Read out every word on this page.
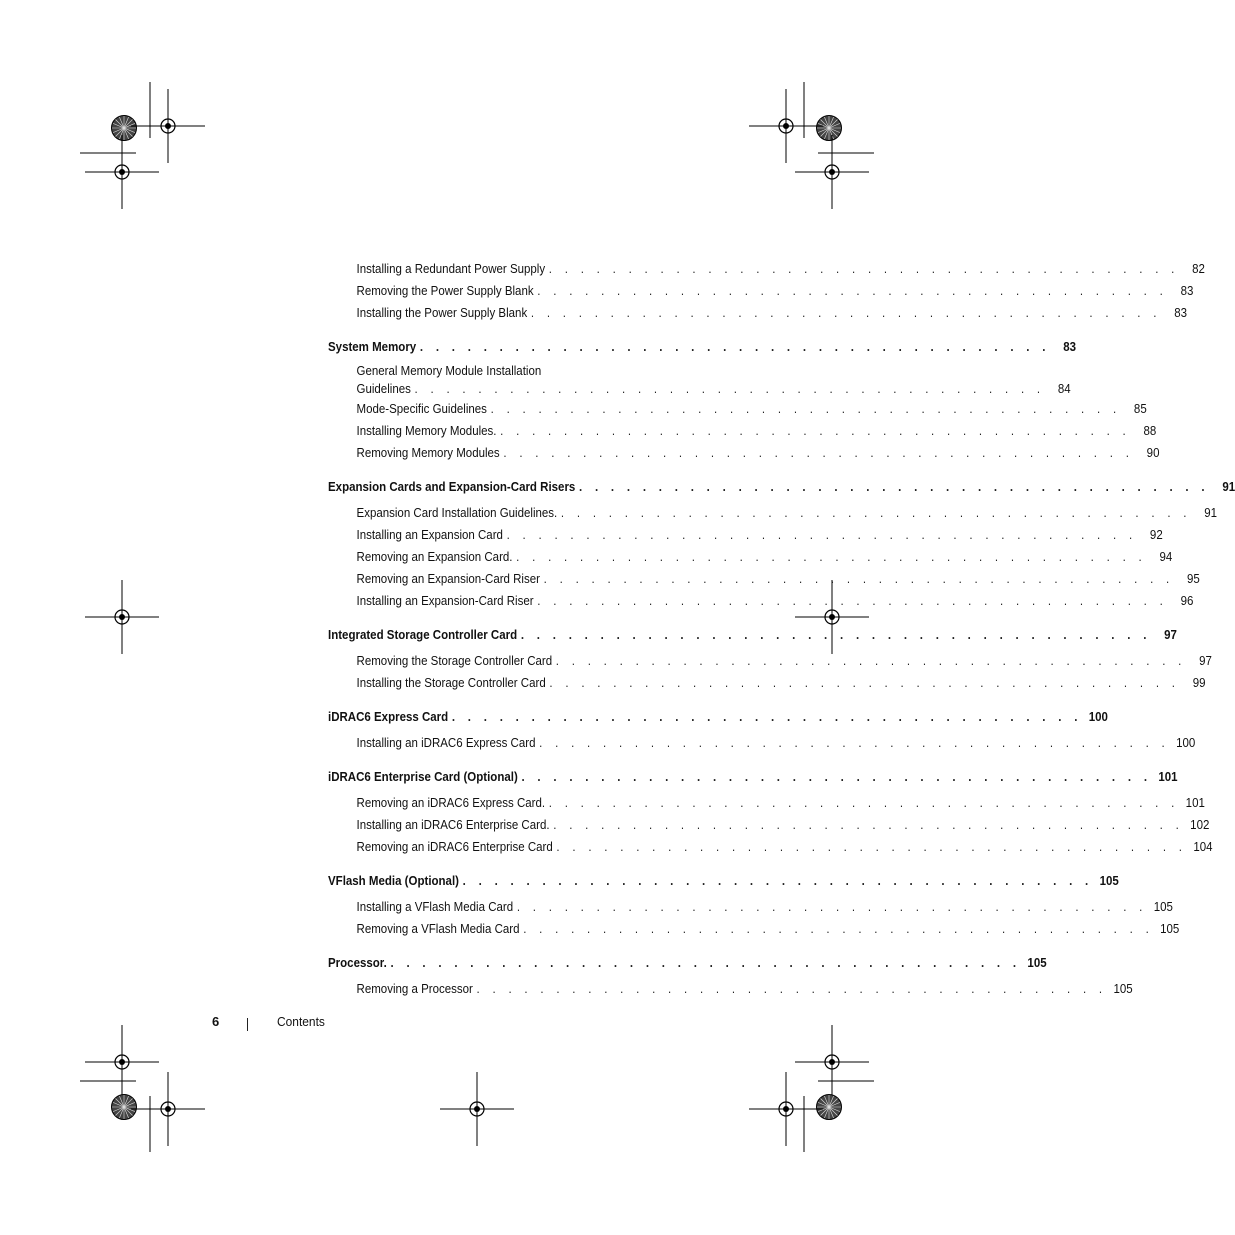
Installing a Redundant Power Supply . . . . . . . . . . . . . . . . . . . . . . . . . . . . . . . . . . . . . . . .	82
Removing the Power Supply Blank . . . . . . . . . . . . . . . . . . . . . . . . . . . . . . . . . . . . . . . .	83
Installing the Power Supply Blank . . . . . . . . . . . . . . . . . . . . . . . . . . . . . . . . . . . . . . . .	83
System Memory . . . . . . . . . . . . . . . . . . . . . . . . . . . . . . . . . . . . . . . .	83
General Memory Module Installation
Guidelines . . . . . . . . . . . . . . . . . . . . . . . . . . . . . . . . . . . . . . . .	84
Mode-Specific Guidelines . . . . . . . . . . . . . . . . . . . . . . . . . . . . . . . . . . . . . . . .	85
Installing Memory Modules. . . . . . . . . . . . . . . . . . . . . . . . . . . . . . . . . . . . . . . . .	88
Removing Memory Modules . . . . . . . . . . . . . . . . . . . . . . . . . . . . . . . . . . . . . . . .	90
Expansion Cards and Expansion-Card Risers . . . . . . . . . . . . . . . . . . . . . . . . . . . . . . . . . . . . . . . .	91
Expansion Card Installation Guidelines. . . . . . . . . . . . . . . . . . . . . . . . . . . . . . . . . . . . . . . . .	91
Installing an Expansion Card . . . . . . . . . . . . . . . . . . . . . . . . . . . . . . . . . . . . . . . .	92
Removing an Expansion Card. . . . . . . . . . . . . . . . . . . . . . . . . . . . . . . . . . . . . . . . .	94
Removing an Expansion-Card Riser . . . . . . . . . . . . . . . . . . . . . . . . . . . . . . . . . . . . . . . .	95
Installing an Expansion-Card Riser . . . . . . . . . . . . . . . . . . . . . . . . . . . . . . . . . . . . . . . .	96
Integrated Storage Controller Card . . . . . . . . . . . . . . . . . . . . . . . . . . . . . . . . . . . . . . . .	97
Removing the Storage Controller Card . . . . . . . . . . . . . . . . . . . . . . . . . . . . . . . . . . . . . . . .	97
Installing the Storage Controller Card . . . . . . . . . . . . . . . . . . . . . . . . . . . . . . . . . . . . . . . .	99
iDRAC6 Express Card . . . . . . . . . . . . . . . . . . . . . . . . . . . . . . . . . . . . . . . . 100
Installing an iDRAC6 Express Card . . . . . . . . . . . . . . . . . . . . . . . . . . . . . . . . . . . . . . . . 100
iDRAC6 Enterprise Card (Optional) . . . . . . . . . . . . . . . . . . . . . . . . . . . . . . . . . . . . . . . . 101
Removing an iDRAC6 Express Card. . . . . . . . . . . . . . . . . . . . . . . . . . . . . . . . . . . . . . . . . 101
Installing an iDRAC6 Enterprise Card. . . . . . . . . . . . . . . . . . . . . . . . . . . . . . . . . . . . . . . . . 102
Removing an iDRAC6 Enterprise Card . . . . . . . . . . . . . . . . . . . . . . . . . . . . . . . . . . . . . . . . 104
VFlash Media (Optional) . . . . . . . . . . . . . . . . . . . . . . . . . . . . . . . . . . . . . . . . 105
Installing a VFlash Media Card . . . . . . . . . . . . . . . . . . . . . . . . . . . . . . . . . . . . . . . . 105
Removing a VFlash Media Card . . . . . . . . . . . . . . . . . . . . . . . . . . . . . . . . . . . . . . . . 105
Processor. . . . . . . . . . . . . . . . . . . . . . . . . . . . . . . . . . . . . . . . . 105
Removing a Processor . . . . . . . . . . . . . . . . . . . . . . . . . . . . . . . . . . . . . . . . 105
6	Contents
